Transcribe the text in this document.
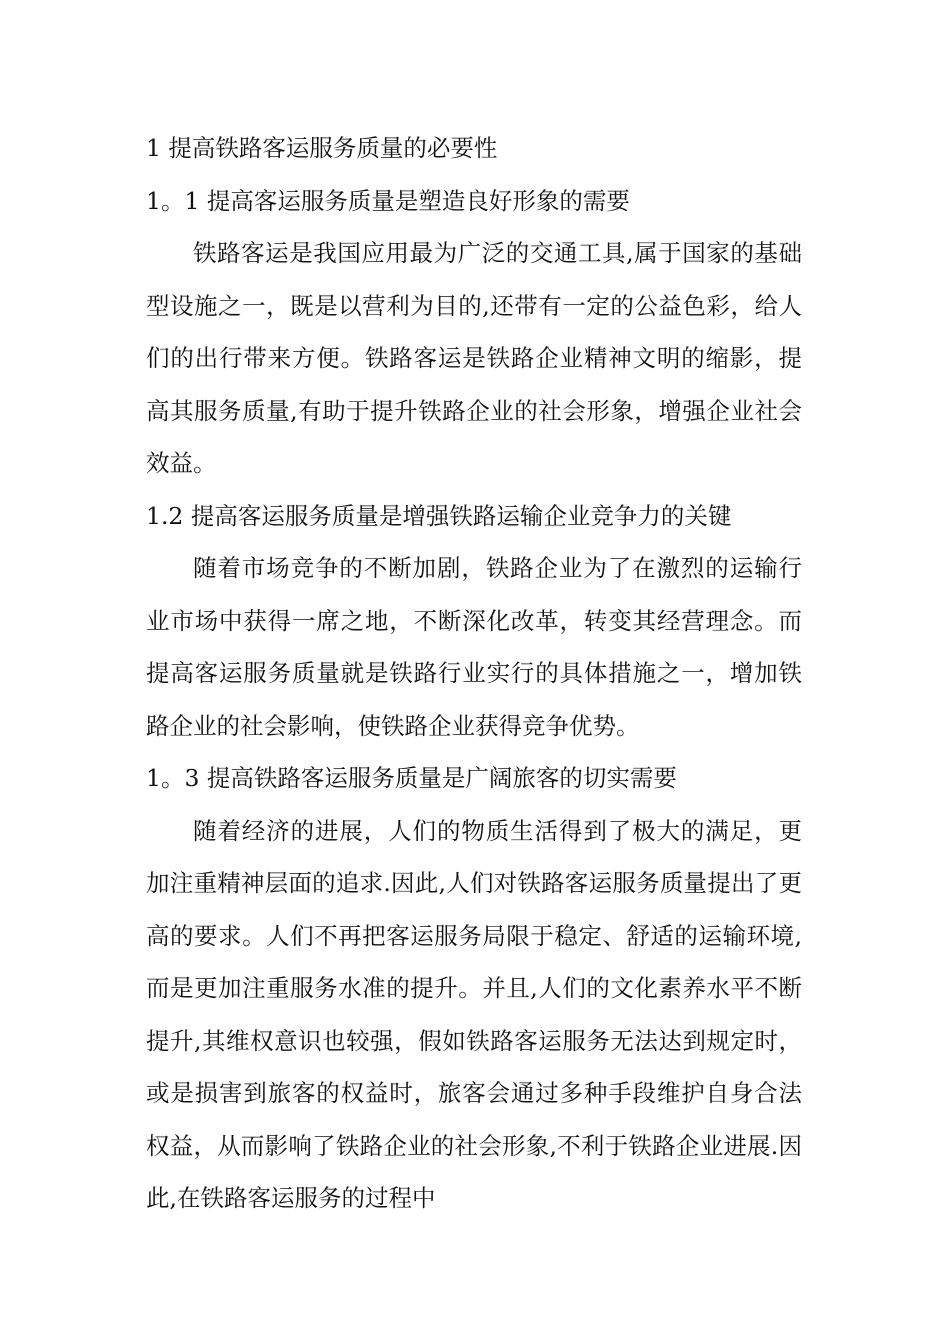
1 提高铁路客运服务质量的必要性
1。1 提高客运服务质量是塑造良好形象的需要

铁路客运是我国应用最为广泛的交通工具,属于国家的基础型设施之一，既是以营利为目的,还带有一定的公益色彩，给人们的出行带来方便。铁路客运是铁路企业精神文明的缩影，提高其服务质量,有助于提升铁路企业的社会形象，增强企业社会效益。

1.2 提高客运服务质量是增强铁路运输企业竞争力的关键

随着市场竞争的不断加剧，铁路企业为了在激烈的运输行业市场中获得一席之地，不断深化改革，转变其经营理念。而提高客运服务质量就是铁路行业实行的具体措施之一，增加铁路企业的社会影响，使铁路企业获得竞争优势。

1。3 提高铁路客运服务质量是广阔旅客的切实需要

随着经济的进展，人们的物质生活得到了极大的满足，更加注重精神层面的追求.因此,人们对铁路客运服务质量提出了更高的要求。人们不再把客运服务局限于稳定、舒适的运输环境,而是更加注重服务水准的提升。并且,人们的文化素养水平不断提升,其维权意识也较强，假如铁路客运服务无法达到规定时，或是损害到旅客的权益时，旅客会通过多种手段维护自身合法权益，从而影响了铁路企业的社会形象,不利于铁路企业进展.因此,在铁路客运服务的过程中
